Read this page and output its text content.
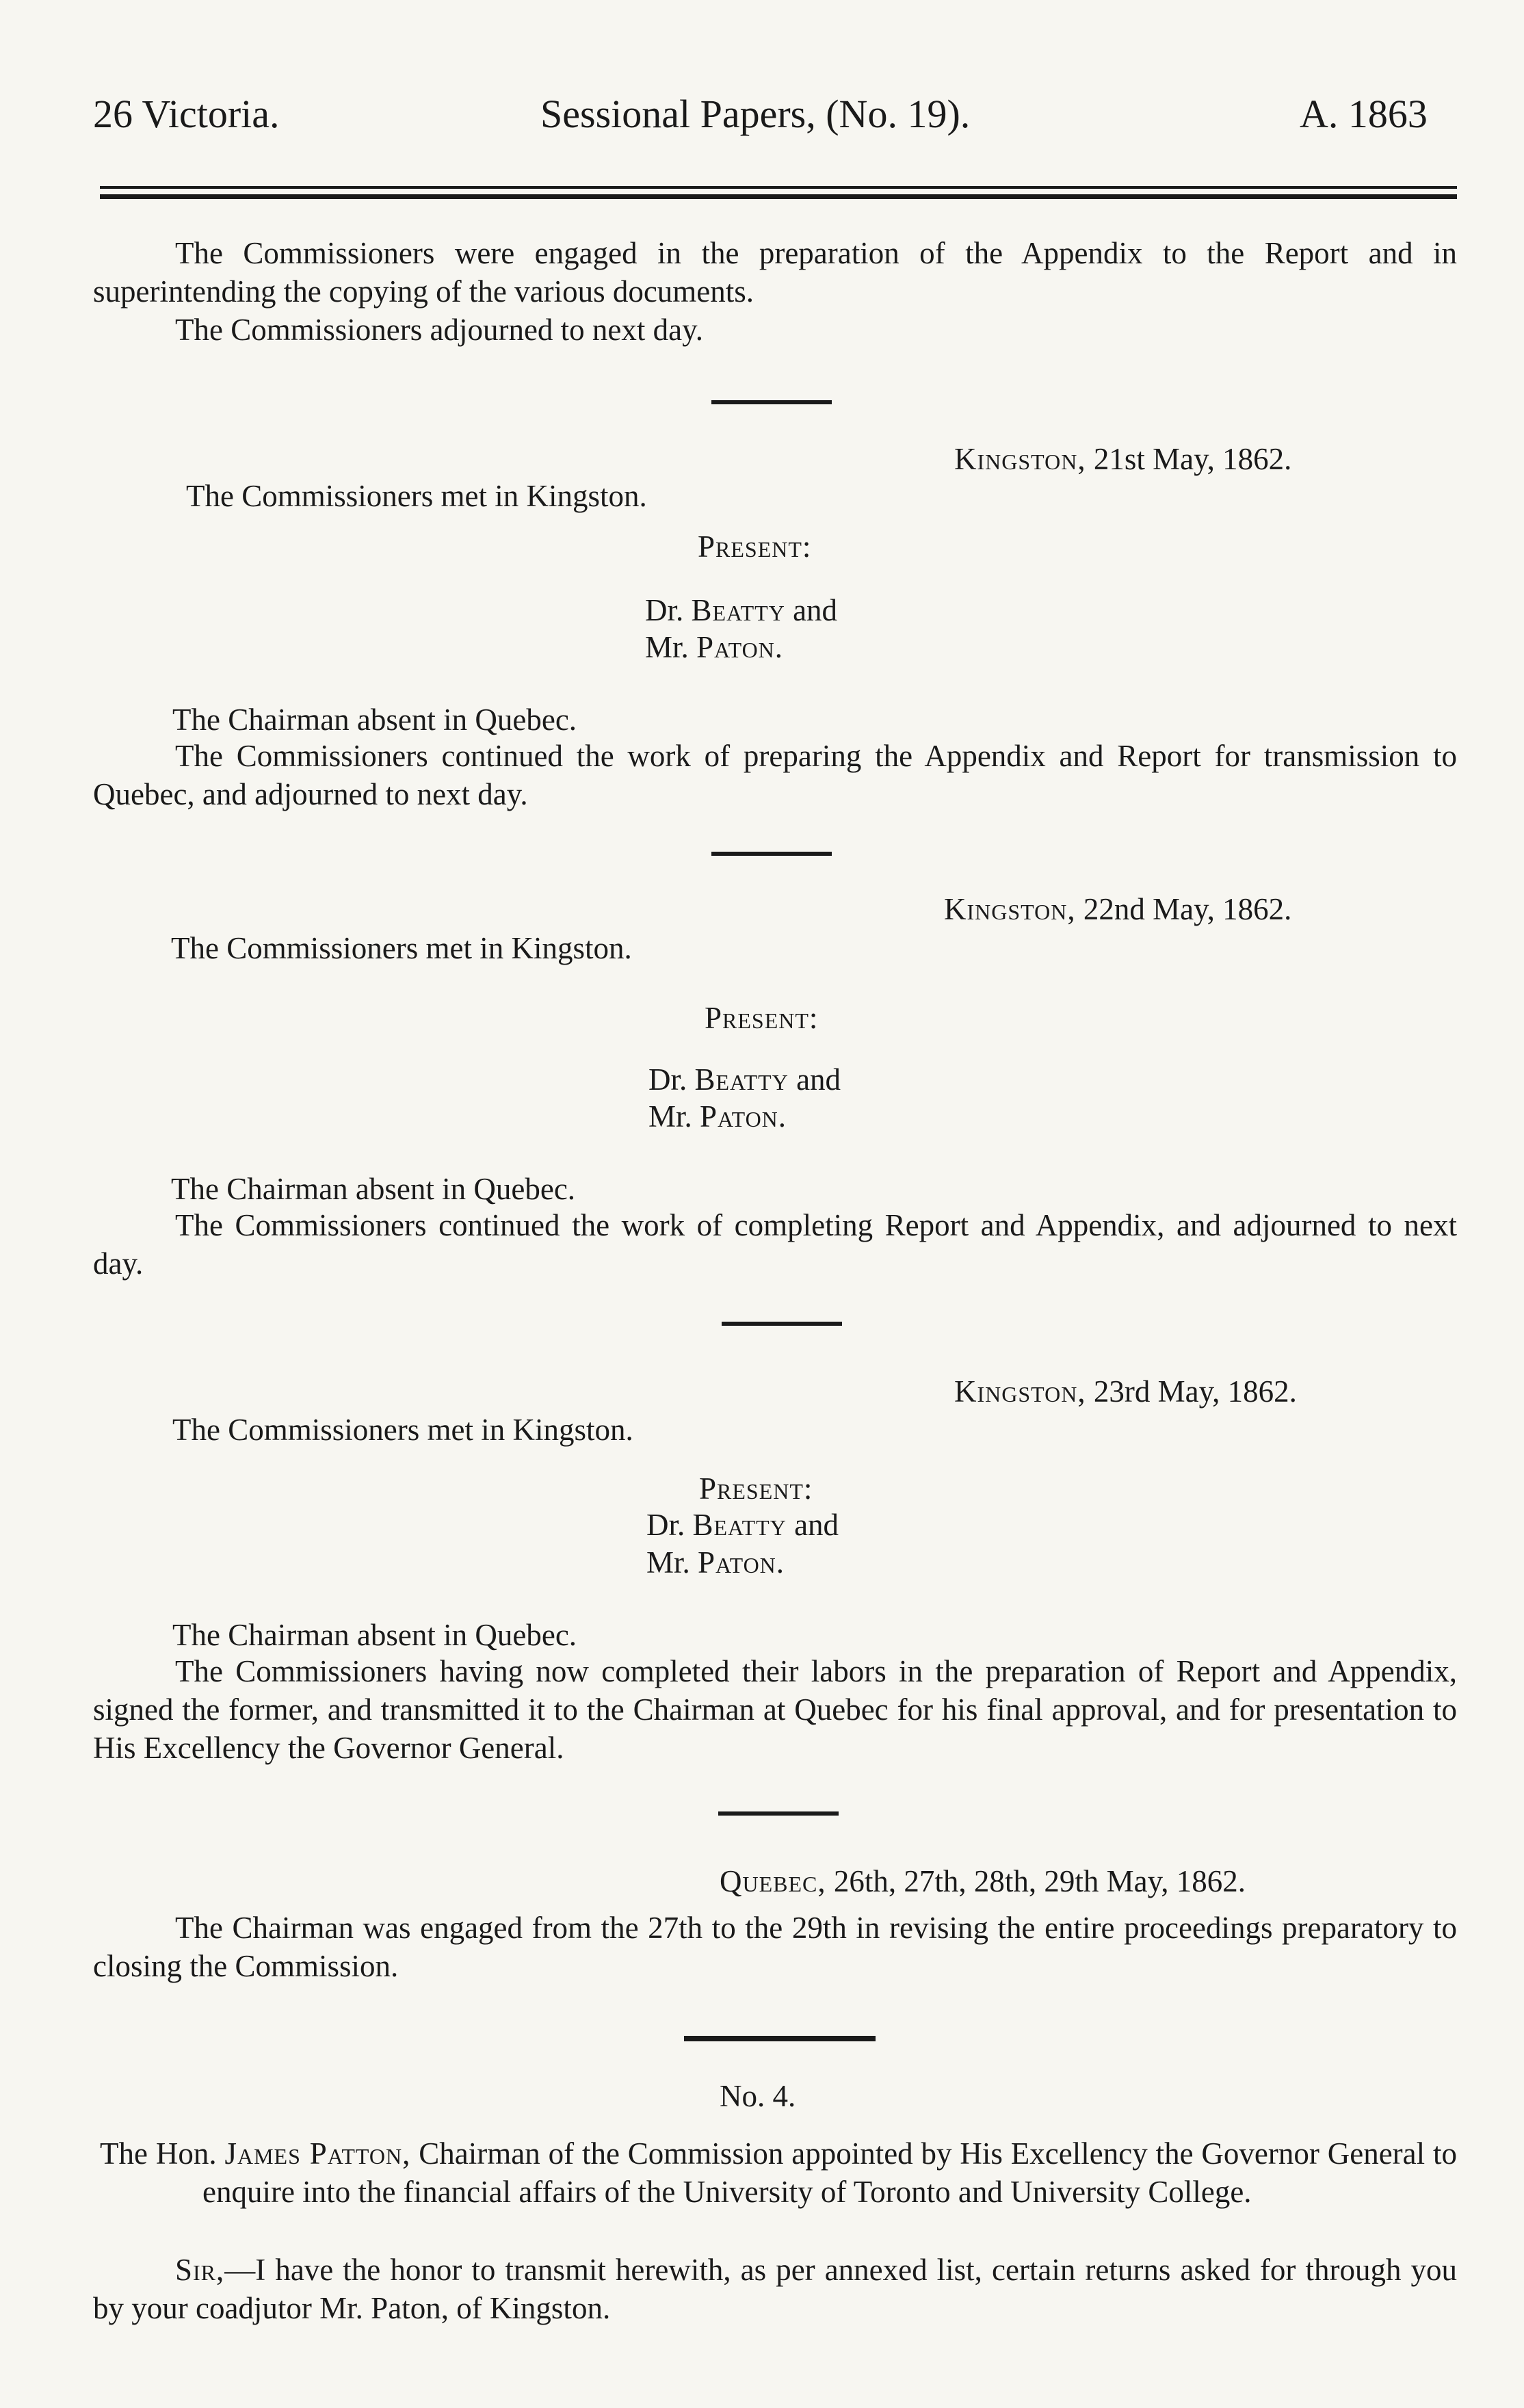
26 Victoria.	Sessional Papers, (No. 19).	A. 1863
The Commissioners were engaged in the preparation of the Appendix to the Report and in superintending the copying of the various documents.
The Commissioners adjourned to next day.
Kingston, 21st May, 1862.
The Commissioners met in Kingston.
Present:
Dr. Beatty and
Mr. Paton.
The Chairman absent in Quebec.
The Commissioners continued the work of preparing the Appendix and Report for transmission to Quebec, and adjourned to next day.
Kingston, 22nd May, 1862.
The Commissioners met in Kingston.
Present:
Dr. Beatty and
Mr. Paton.
The Chairman absent in Quebec.
The Commissioners continued the work of completing Report and Appendix, and adjourned to next day.
Kingston, 23rd May, 1862.
The Commissioners met in Kingston.
Present:
Dr. Beatty and
Mr. Paton.
The Chairman absent in Quebec.
The Commissioners having now completed their labors in the preparation of Report and Appendix, signed the former, and transmitted it to the Chairman at Quebec for his final approval, and for presentation to His Excellency the Governor General.
Quebec, 26th, 27th, 28th, 29th May, 1862.
The Chairman was engaged from the 27th to the 29th in revising the entire proceedings preparatory to closing the Commission.
No. 4.
The Hon. James Patton, Chairman of the Commission appointed by His Excellency the Governor General to enquire into the financial affairs of the University of Toronto and University College.
Sir,—I have the honor to transmit herewith, as per annexed list, certain returns asked for through you by your coadjutor Mr. Paton, of Kingston.
